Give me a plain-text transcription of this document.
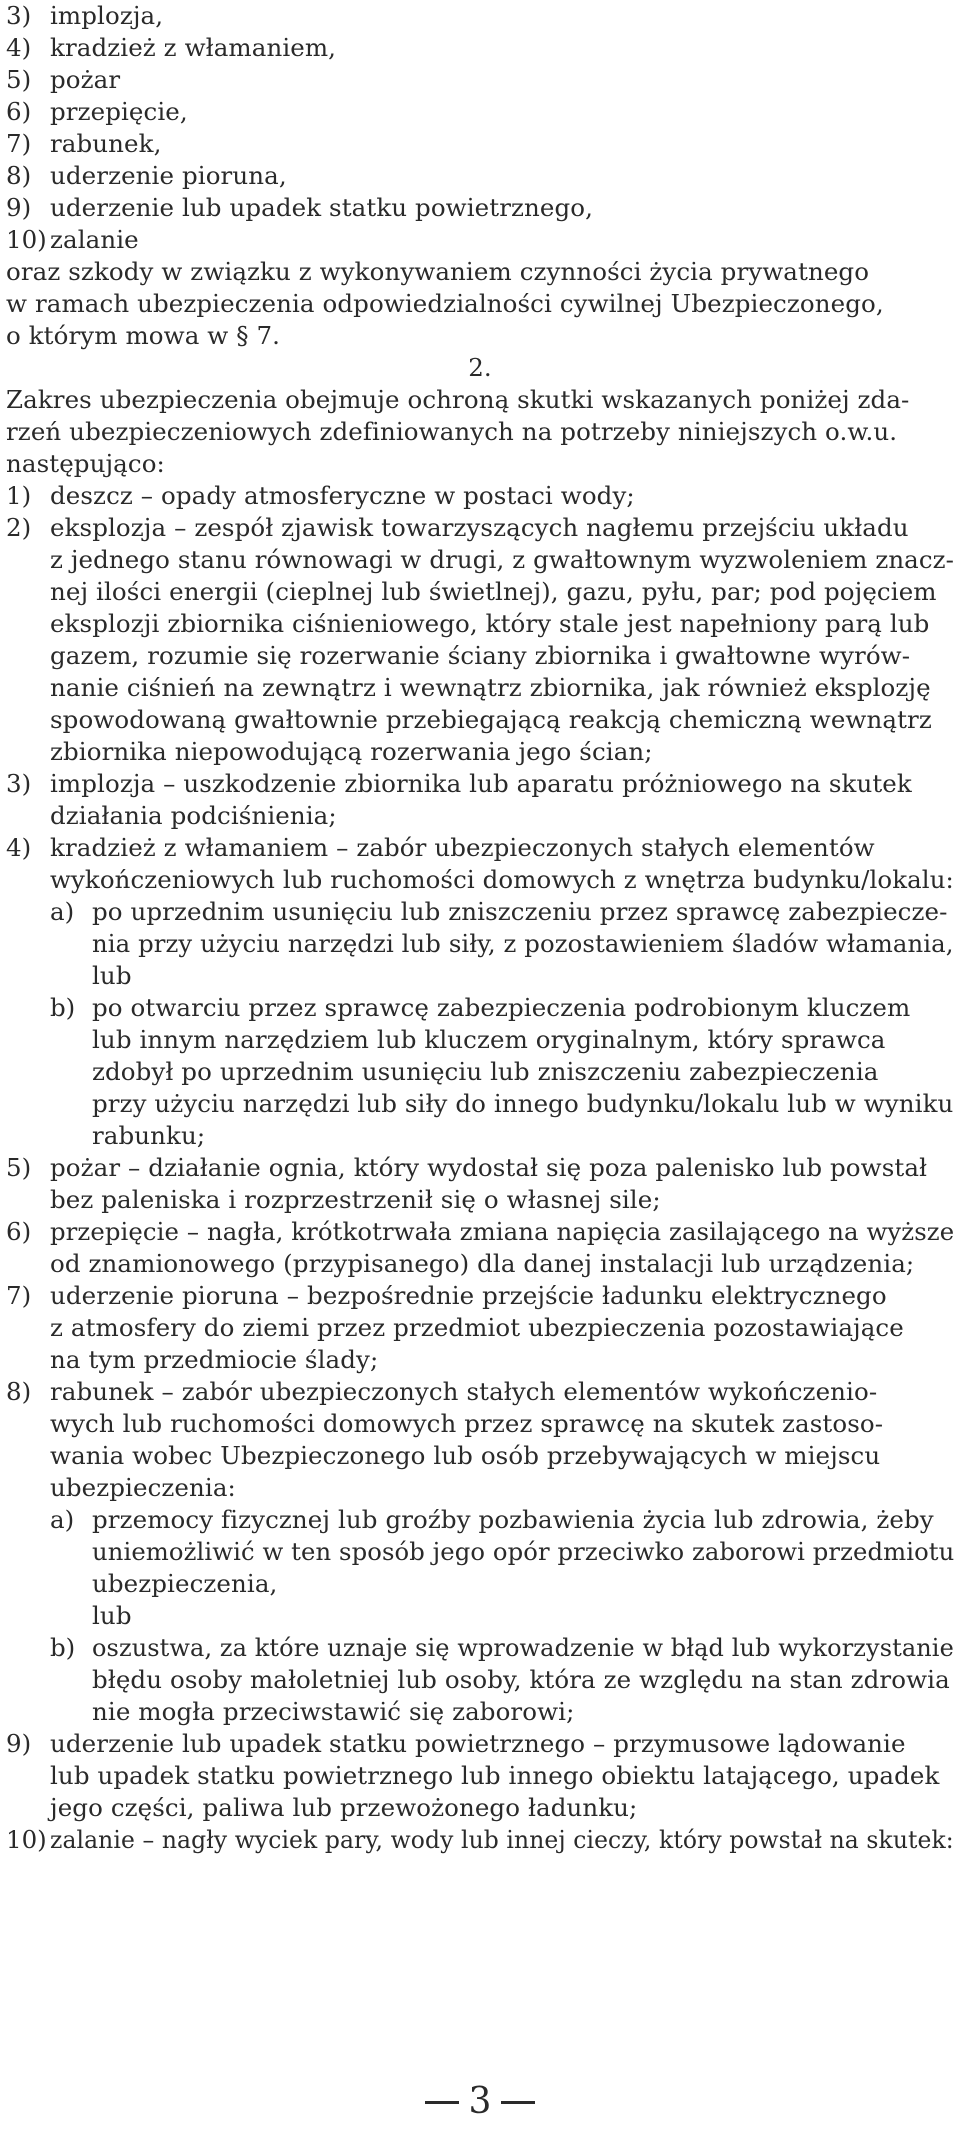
3) implozja,
4) kradzież z włamaniem,
5) pożar
6) przepięcie,
7) rabunek,
8) uderzenie pioruna,
9) uderzenie lub upadek statku powietrznego,
10) zalanie
oraz szkody w związku z wykonywaniem czynności życia prywatnego
w ramach ubezpieczenia odpowiedzialności cywilnej Ubezpieczonego,
o którym mowa w § 7.
2.
Zakres ubezpieczenia obejmuje ochroną skutki wskazanych poniżej zda-
rzeń ubezpieczeniowych zdefiniowanych na potrzeby niniejszych o.w.u.
następująco:
1) deszcz – opady atmosferyczne w postaci wody;
2) eksplozja – zespół zjawisk towarzyszących nagłemu przejściu układu
z jednego stanu równowagi w drugi, z gwałtownym wyzwoleniem znacz-
nej ilości energii (cieplnej lub świetlnej), gazu, pyłu, par; pod pojęciem
eksplozji zbiornika ciśnieniowego, który stale jest napełniony parą lub
gazem, rozumie się rozerwanie ściany zbiornika i gwałtowne wyrów-
nanie ciśnień na zewnątrz i wewnątrz zbiornika, jak również eksplozję
spowodowaną gwałtownie przebiegającą reakcją chemiczną wewnątrz
zbiornika niepowodującą rozerwania jego ścian;
3) implozja – uszkodzenie zbiornika lub aparatu próżniowego na skutek
działania podciśnienia;
4) kradzież z włamaniem – zabór ubezpieczonych stałych elementów
wykończeniowych lub ruchomości domowych z wnętrza budynku/lokalu:
a) po uprzednim usunięciu lub zniszczeniu przez sprawcę zabezpiecze-
nia przy użyciu narzędzi lub siły, z pozostawieniem śladów włamania,
lub
b) po otwarciu przez sprawcę zabezpieczenia podrobionym kluczem
lub innym narzędziem lub kluczem oryginalnym, który sprawca
zdobył po uprzednim usunięciu lub zniszczeniu zabezpieczenia
przy użyciu narzędzi lub siły do innego budynku/lokalu lub w wyniku
rabunku;
5) pożar – działanie ognia, który wydostał się poza palenisko lub powstał
bez paleniska i rozprzestrzenił się o własnej sile;
6) przepięcie – nagła, krótkotrwała zmiana napięcia zasilającego na wyższe
od znamionowego (przypisanego) dla danej instalacji lub urządzenia;
7) uderzenie pioruna – bezpośrednie przejście ładunku elektrycznego
z atmosfery do ziemi przez przedmiot ubezpieczenia pozostawiające
na tym przedmiocie ślady;
8) rabunek – zabór ubezpieczonych stałych elementów wykończenio-
wych lub ruchomości domowych przez sprawcę na skutek zastoso-
wania wobec Ubezpieczonego lub osób przebywających w miejscu
ubezpieczenia:
a) przemocy fizycznej lub groźby pozbawienia życia lub zdrowia, żeby
uniemożliwić w ten sposób jego opór przeciwko zaborowi przedmiotu
ubezpieczenia,
lub
b) oszustwa, za które uznaje się wprowadzenie w błąd lub wykorzystanie
błędu osoby małoletniej lub osoby, która ze względu na stan zdrowia
nie mogła przeciwstawić się zaborowi;
9) uderzenie lub upadek statku powietrznego – przymusowe lądowanie
lub upadek statku powietrznego lub innego obiektu latającego, upadek
jego części, paliwa lub przewożonego ładunku;
10) zalanie – nagły wyciek pary, wody lub innej cieczy, który powstał na skutek:
3
